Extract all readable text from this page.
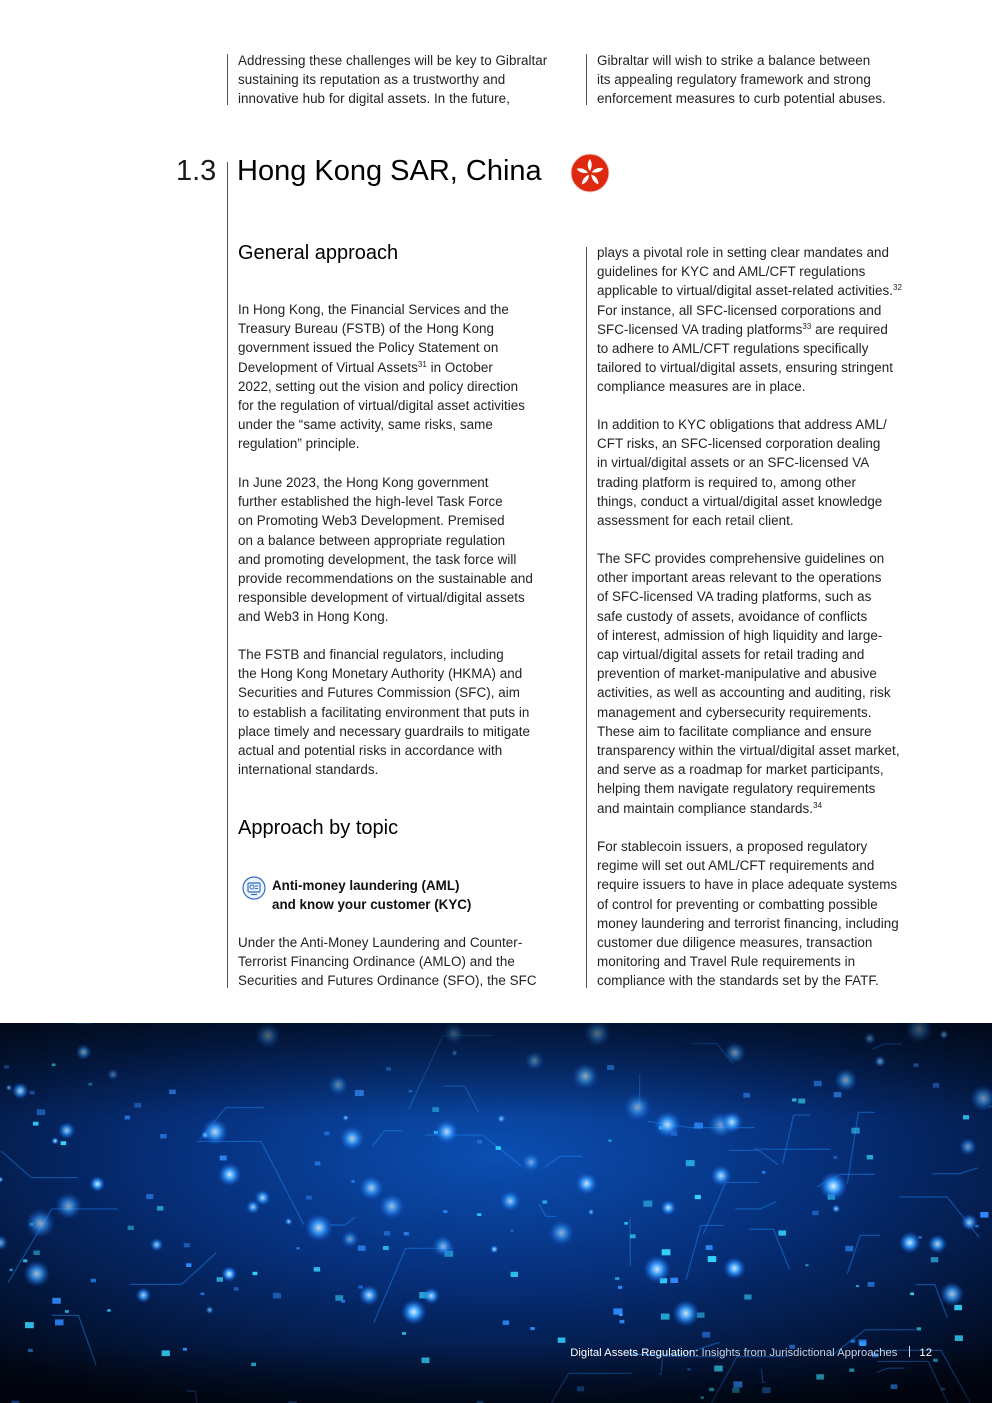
Addressing these challenges will be key to Gibraltar
sustaining its reputation as a trustworthy and
innovative hub for digital assets. In the future,

Gibraltar will wish to strike a balance between
its appealing regulatory framework and strong
enforcement measures to curb potential abuses.

1.3 Hong Kong SAR, China
General approach

In Hong Kong, the Financial Services and the
Treasury Bureau (FSTB) of the Hong Kong
government issued the Policy Statement on
Development of Virtual Assets$^{31}$ in October
2022, setting out the vision and policy direction
for the regulation of virtual/digital asset activities
under the “same activity, same risks, same
regulation” principle.

In June 2023, the Hong Kong government
further established the high-level Task Force
on Promoting Web3 Development. Premised
on a balance between appropriate regulation
and promoting development, the task force will
provide recommendations on the sustainable and
responsible development of virtual/digital assets
and Web3 in Hong Kong.

The FSTB and financial regulators, including
the Hong Kong Monetary Authority (HKMA) and
Securities and Futures Commission (SFC), aim
to establish a facilitating environment that puts in
place timely and necessary guardrails to mitigate
actual and potential risks in accordance with
international standards.

Approach by topic

Anti-money laundering (AML)
and know your customer (KYC)

Under the Anti-Money Laundering and Counter-
Terrorist Financing Ordinance (AMLO) and the
Securities and Futures Ordinance (SFO), the SFC

plays a pivotal role in setting clear mandates and
guidelines for KYC and AML/CFT regulations
applicable to virtual/digital asset-related activities.$^{32}$
For instance, all SFC-licensed corporations and
SFC-licensed VA trading platforms$^{33}$ are required
to adhere to AML/CFT regulations specifically
tailored to virtual/digital assets, ensuring stringent
compliance measures are in place.

In addition to KYC obligations that address AML/
CFT risks, an SFC-licensed corporation dealing
in virtual/digital assets or an SFC-licensed VA
trading platform is required to, among other
things, conduct a virtual/digital asset knowledge
assessment for each retail client.

The SFC provides comprehensive guidelines on
other important areas relevant to the operations
of SFC-licensed VA trading platforms, such as
safe custody of assets, avoidance of conflicts
of interest, admission of high liquidity and large-
cap virtual/digital assets for retail trading and
prevention of market-manipulative and abusive
activities, as well as accounting and auditing, risk
management and cybersecurity requirements.
These aim to facilitate compliance and ensure
transparency within the virtual/digital asset market,
and serve as a roadmap for market participants,
helping them navigate regulatory requirements
and maintain compliance standards.$^{34}$

For stablecoin issuers, a proposed regulatory
regime will set out AML/CFT requirements and
require issuers to have in place adequate systems
of control for preventing or combatting possible
money laundering and terrorist financing, including
customer due diligence measures, transaction
monitoring and Travel Rule requirements in
compliance with the standards set by the FATF.

Digital Assets Regulation: Insights from Jurisdictional Approaches 12
